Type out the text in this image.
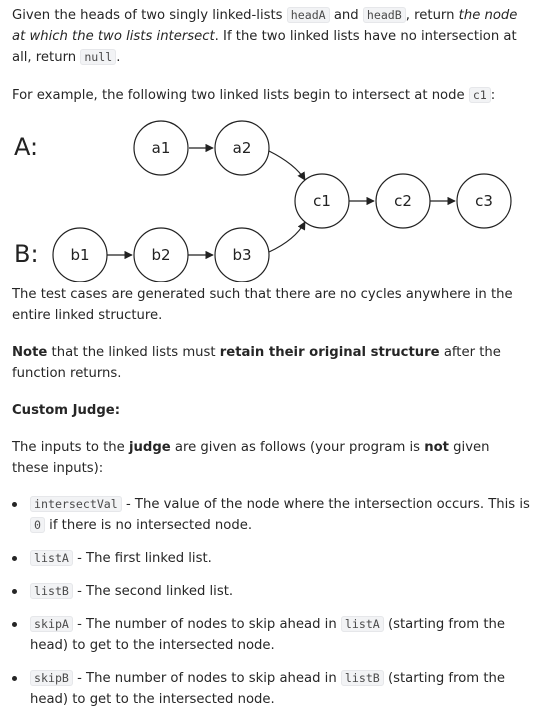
Given the heads of two singly linked-lists headA and headB , return the node at which the two lists intersect. If the two linked lists have no intersection at all, return null .

For example, the following two linked lists begin to intersect at node c1 :

A:
B:
a1	a2
b1	b2	b3
c1	c2	c3

The test cases are generated such that there are no cycles anywhere in the entire linked structure.

Note that the linked lists must retain their original structure after the function returns.

Custom Judge:

The inputs to the judge are given as follows (your program is not given these inputs):

intersectVal - The value of the node where the intersection occurs. This is 0 if there is no intersected node.
listA - The first linked list.
listB - The second linked list.
skipA - The number of nodes to skip ahead in listA (starting from the head) to get to the intersected node.
skipB - The number of nodes to skip ahead in listB (starting from the head) to get to the intersected node.
